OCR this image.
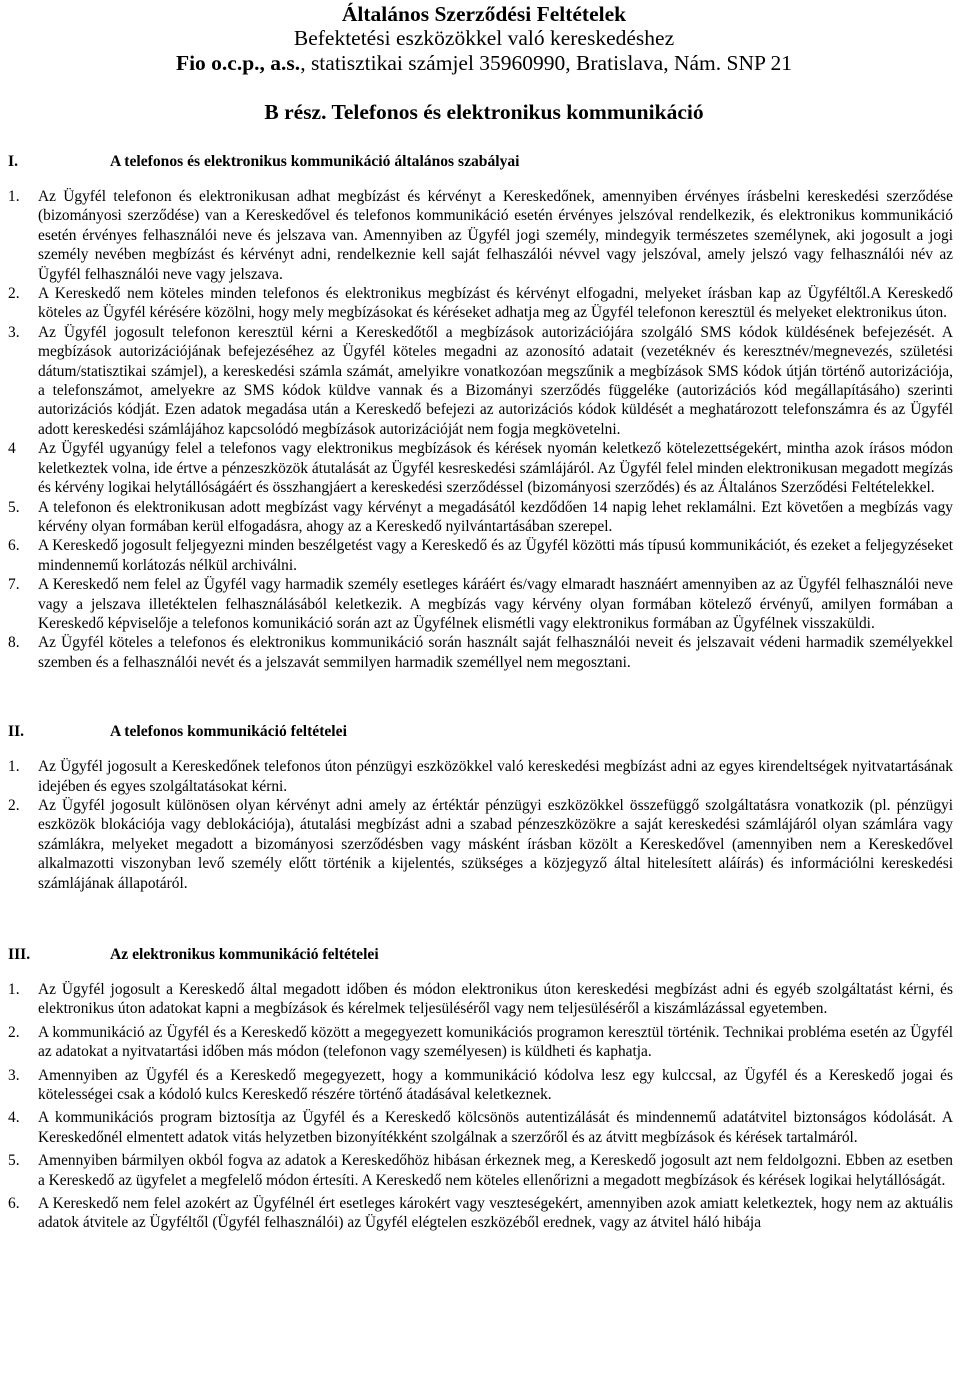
Általános Szerződési Feltételek
Befektetési eszközökkel való kereskedéshez
Fio o.c.p., a.s., statisztikai számjel 35960990, Bratislava, Nám. SNP 21
B rész. Telefonos és elektronikus kommunikáció
I.	A telefonos és elektronikus kommunikáció általános szabályai
1. Az Ügyfél telefonon és elektronikusan adhat megbízást és kérvényt a Kereskedőnek, amennyiben érvényes írásbelni kereskedési szerződése (bizományosi szerződése) van a Kereskedővel és telefonos kommunikáció esetén érvényes jelszóval rendelkezik, és elektronikus kommunikáció esetén érvényes felhasználói neve és jelszava van. Amennyiben az Ügyfél jogi személy, mindegyik természetes személynek, aki jogosult a jogi személy nevében megbízást és kérvényt adni, rendelkeznie kell saját felhaszálói névvel vagy jelszóval, amely jelszó vagy felhasználói név az Ügyfél felhasználói neve vagy jelszava.

2. A Kereskedő nem köteles minden telefonos és elektronikus megbízást és kérvényt elfogadni, melyeket írásban kap az Ügyféltől.A Kereskedő köteles az Ügyfél kérésére közölni, hogy mely megbízásokat és kéréseket adhatja meg az Ügyfél telefonon keresztül és melyeket elektronikus úton.

3. Az Ügyfél jogosult telefonon keresztül kérni a Kereskedőtől a megbízások autorizációjára szolgáló SMS kódok küldésének befejezését. A megbízások autorizációjának befejezéséhez az Ügyfél köteles megadni az azonosító adatait (vezetéknév és keresztnév/megnevezés, születési dátum/statisztikai számjel), a kereskedési számla számát, amelyikre vonatkozóan megszűnik a megbízások SMS kódok útján történő autorizációja, a telefonszámot, amelyekre az SMS kódok küldve vannak és a Bizományi szerződés függeléke (autorizációs kód megállapításáho) szerinti autorizációs kódját. Ezen adatok megadása után a Kereskedő befejezi az autorizációs kódok küldését a meghatározott telefonszámra és az Ügyfél adott kereskedési számlájához kapcsolódó megbízások autorizációját nem fogja megkövetelni.

4 Az Ügyfél ugyanúgy felel a telefonos vagy elektronikus megbízások és kérések nyomán keletkező kötelezettségekért, mintha azok írásos módon keletkeztek volna, ide értve a pénzeszközök átutalását az Ügyfél kesreskedési számlájáról. Az Ügyfél felel minden elektronikusan megadott megízás és kérvény logikai helytállóságáért és összhangjáert a kereskedési szerződéssel (bizományosi szerződés) és az Általános Szerződési Feltételekkel.

5. A telefonon és elektronikusan adott megbízást vagy kérvényt a megadásától kezdődően 14 napig lehet reklamálni. Ezt követően a megbízás vagy kérvény olyan formában kerül elfogadásra, ahogy az a Kereskedő nyilvántartásában szerepel.

6. A Kereskedő jogosult feljegyezni minden beszélgetést vagy a Kereskedő és az Ügyfél közötti más típusú kommunikációt, és ezeket a feljegyzéseket mindennemű korlátozás nélkül archiválni.

7. A Kereskedő nem felel az Ügyfél vagy harmadik személy esetleges káráért és/vagy elmaradt hasznáért amennyiben az az Ügyfél felhasználói neve vagy a jelszava illetéktelen felhasználásából keletkezik. A megbízás vagy kérvény olyan formában kötelező érvényű, amilyen formában a Kereskedő képviselője a telefonos komunikáció során azt az Ügyfélnek elismétli vagy elektronikus formában az Ügyfélnek visszaküldi.

8. Az Ügyfél köteles a telefonos és elektronikus kommunikáció során használt saját felhasználói neveit és jelszavait védeni harmadik személyekkel szemben és a felhasználói nevét és a jelszavát semmilyen harmadik személlyel nem megosztani.

II.	A telefonos kommunikáció feltételei
1. Az Ügyfél jogosult a Kereskedőnek telefonos úton pénzügyi eszközökkel való kereskedési megbízást adni az egyes kirendeltségek nyitvatartásának idejében és egyes szolgáltatásokat kérni.

2. Az Ügyfél jogosult különösen olyan kérvényt adni amely az értéktár pénzügyi eszközökkel összefüggő szolgáltatásra vonatkozik (pl. pénzügyi eszközök blokációja vagy deblokációja), átutalási megbízást adni a szabad pénzeszközökre a saját kereskedési számlájáról olyan számlára vagy számlákra, melyeket megadott a bizományosi szerződésben vagy másként írásban közölt a Kereskedővel (amennyiben nem a Kereskedővel alkalmazotti viszonyban levő személy előtt történik a kijelentés, szükséges a közjegyző által hitelesített aláírás) és információlni kereskedési számlájának állapotáról.

III.	Az elektronikus kommunikáció feltételei
1. Az Ügyfél jogosult a Kereskedő által megadott időben és módon elektronikus úton kereskedési megbízást adni és egyéb szolgáltatást kérni, és elektronikus úton adatokat kapni a megbízások és kérelmek teljesüléséről vagy nem teljesüléséről a kiszámlázással egyetemben.

2. A kommunikáció az Ügyfél és a Kereskedő között a megegyezett komunikációs programon keresztül történik. Technikai probléma esetén az Ügyfél az adatokat a nyitvatartási időben más módon (telefonon vagy személyesen) is küldheti és kaphatja.

3. Amennyiben az Ügyfél és a Kereskedő megegyezett, hogy a kommunikáció kódolva lesz egy kulccsal, az Ügyfél és a Kereskedő jogai és kötelességei csak a kódoló kulcs Kereskedő részére történő átadásával keletkeznek.

4. A kommunikációs program biztosítja az Ügyfél és a Kereskedő kölcsönös autentizálását és mindennemű adatátvitel biztonságos kódolását. A Kereskedőnél elmentett adatok vitás helyzetben bizonyítékként szolgálnak a szerzőről és az átvitt megbízások és kérések tartalmáról.

5. Amennyiben bármilyen okból fogva az adatok a Kereskedőhöz hibásan érkeznek meg, a Kereskedő jogosult azt nem feldolgozni. Ebben az esetben a Kereskedő az ügyfelet a megfelelő módon értesíti. A Kereskedő nem köteles ellenőrizni a megadott megbízások és kérések logikai helytállóságát.

6. A Kereskedő nem felel azokért az Ügyfélnél ért esetleges károkért vagy veszteségekért, amennyiben azok amiatt keletkeztek, hogy nem az aktuális adatok átvitele az Ügyféltől (Ügyfél felhasználói) az Ügyfél elégtelen eszközéből erednek, vagy az átvitel háló hibája
